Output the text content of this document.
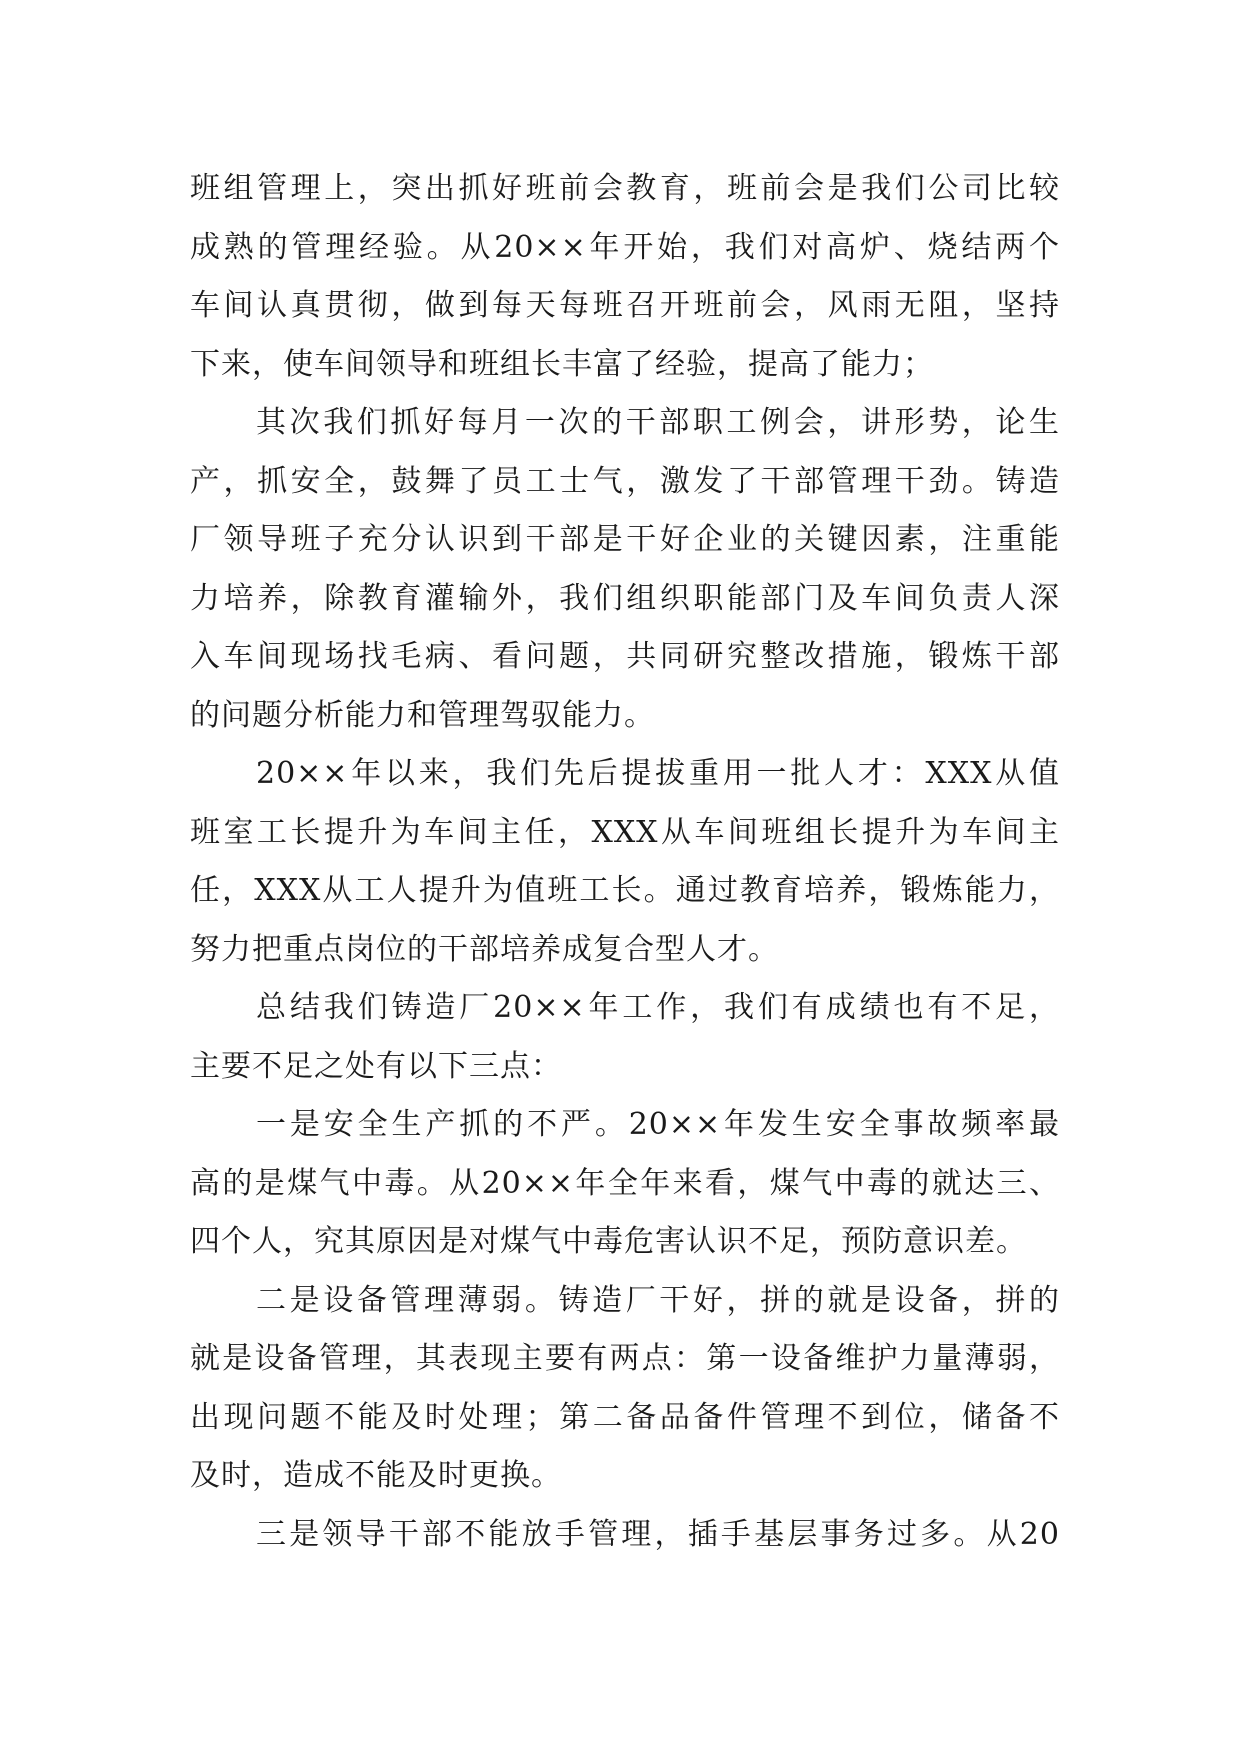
班组管理上，突出抓好班前会教育，班前会是我们公司比较
成熟的管理经验。从20××年开始，我们对高炉、烧结两个
车间认真贯彻，做到每天每班召开班前会，风雨无阻，坚持
下来，使车间领导和班组长丰富了经验，提高了能力；
其次我们抓好每月一次的干部职工例会，讲形势，论生
产，抓安全，鼓舞了员工士气，激发了干部管理干劲。铸造
厂领导班子充分认识到干部是干好企业的关键因素，注重能
力培养，除教育灌输外，我们组织职能部门及车间负责人深
入车间现场找毛病、看问题，共同研究整改措施，锻炼干部
的问题分析能力和管理驾驭能力。
20××年以来，我们先后提拔重用一批人才：XXX从值
班室工长提升为车间主任，XXX从车间班组长提升为车间主
任，XXX从工人提升为值班工长。通过教育培养，锻炼能力，
努力把重点岗位的干部培养成复合型人才。
总结我们铸造厂20××年工作，我们有成绩也有不足，
主要不足之处有以下三点：
一是安全生产抓的不严。20××年发生安全事故频率最
高的是煤气中毒。从20××年全年来看，煤气中毒的就达三、
四个人，究其原因是对煤气中毒危害认识不足，预防意识差。
二是设备管理薄弱。铸造厂干好，拼的就是设备，拼的
就是设备管理，其表现主要有两点：第一设备维护力量薄弱，
出现问题不能及时处理；第二备品备件管理不到位，储备不
及时，造成不能及时更换。
三是领导干部不能放手管理，插手基层事务过多。从20
